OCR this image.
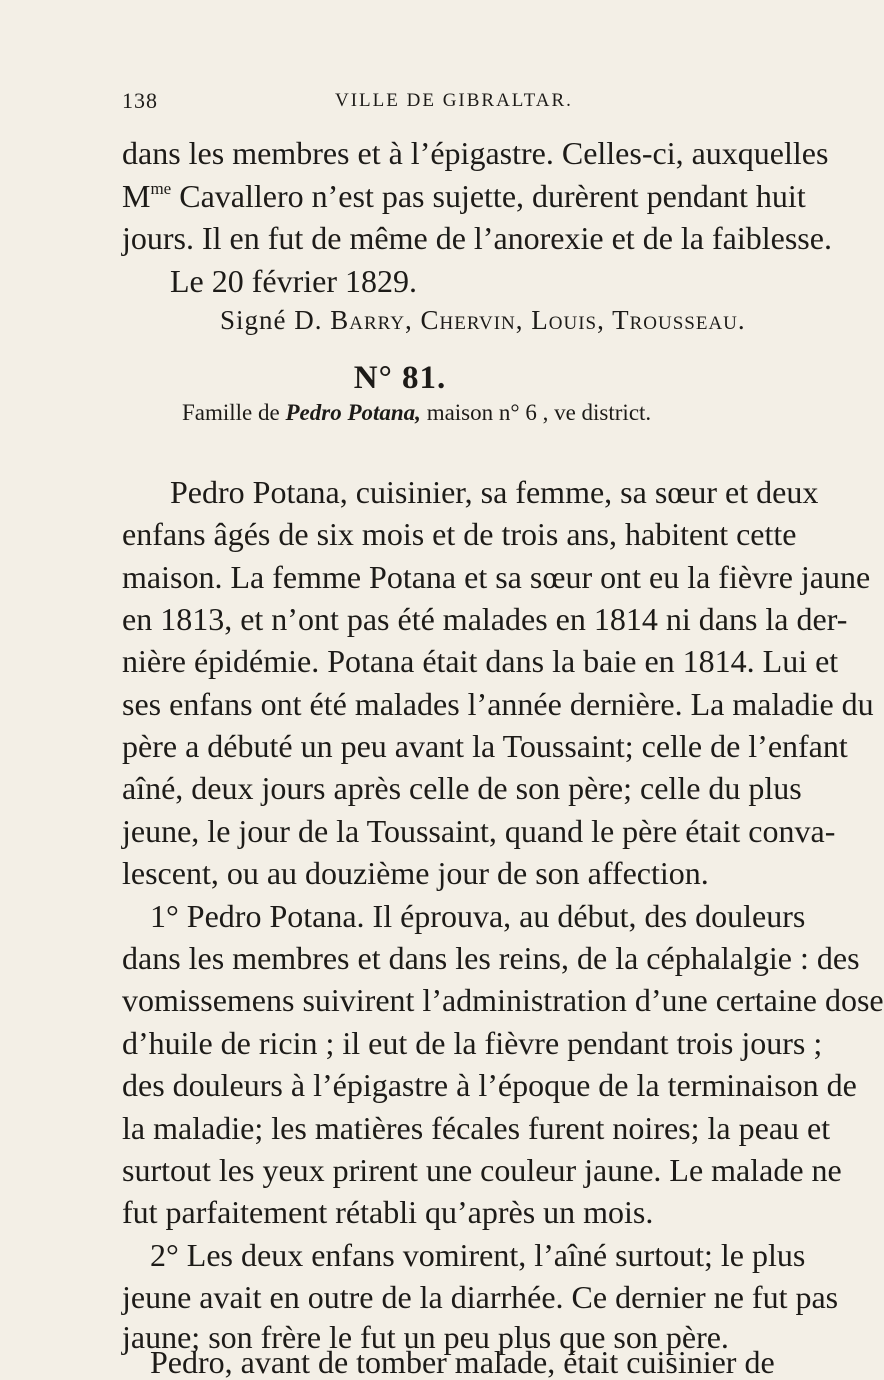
138	VILLE DE GIBRALTAR.
dans les membres et à l’épigastre. Celles-ci, auxquelles
$M^{me}$ Cavallero n’est pas sujette, durèrent pendant huit
jours. Il en fut de même de l’anorexie et de la faiblesse.
Le 20 février 1829.
Signé D. Barry, Chervin, Louis, Trousseau.
N° 81.
Famille de Pedro Potana, maison n° 6 , ve district.
Pedro Potana, cuisinier, sa femme, sa sœur et deux
enfans âgés de six mois et de trois ans, habitent cette
maison. La femme Potana et sa sœur ont eu la fièvre jaune
en 1813, et n’ont pas été malades en 1814 ni dans la der-
nière épidémie. Potana était dans la baie en 1814. Lui et
ses enfans ont été malades l’année dernière. La maladie du
père a débuté un peu avant la Toussaint; celle de l’enfant
aîné, deux jours après celle de son père; celle du plus
jeune, le jour de la Toussaint, quand le père était conva-
lescent, ou au douzième jour de son affection.
1° Pedro Potana. Il éprouva, au début, des douleurs
dans les membres et dans les reins, de la céphalalgie : des
vomissemens suivirent l’administration d’une certaine dose
d’huile de ricin ; il eut de la fièvre pendant trois jours ;
des douleurs à l’épigastre à l’époque de la terminaison de
la maladie; les matières fécales furent noires; la peau et
surtout les yeux prirent une couleur jaune. Le malade ne
fut parfaitement rétabli qu’après un mois.
2° Les deux enfans vomirent, l’aîné surtout; le plus
jeune avait en outre de la diarrhée. Ce dernier ne fut pas
jaune; son frère le fut un peu plus que son père.
Pedro, avant de tomber malade, était cuisinier de
